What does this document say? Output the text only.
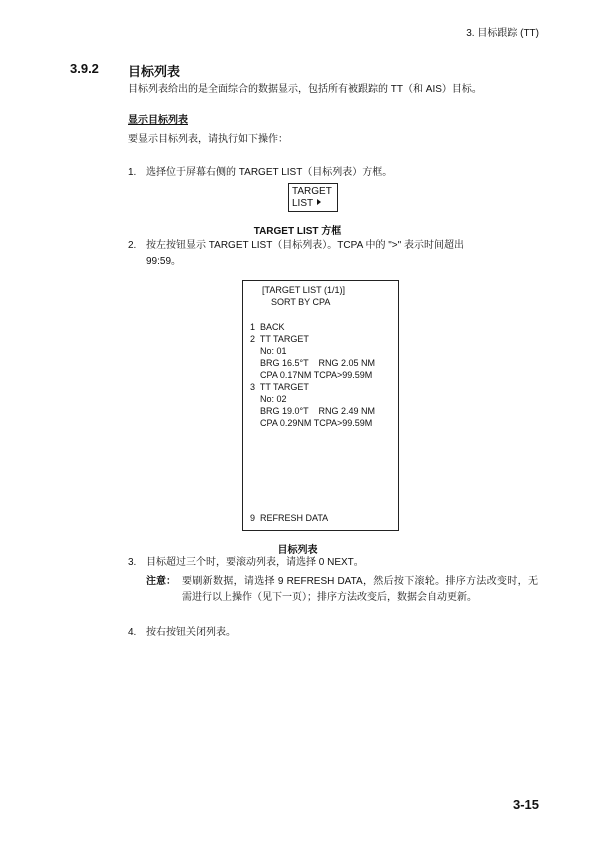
3. 目标跟踪 (TT)
3.9.2 目标列表
目标列表给出的是全面综合的数据显示，包括所有被跟踪的 TT（和 AIS）目标。
显示目标列表
要显示目标列表，请执行如下操作：
1. 选择位于屏幕右侧的 TARGET LIST（目标列表）方框。
TARGET
LIST
TARGET LIST 方框
2. 按左按钮显示 TARGET LIST（目标列表）。TCPA 中的 ">" 表示时间超出
99:59。
[TARGET LIST (1/1)]
SORT BY CPA
1  BACK
2  TT TARGET
No: 01
BRG 16.5°T    RNG 2.05 NM
CPA 0.17NM TCPA>99.59M
3  TT TARGET
No: 02
BRG 19.0°T    RNG 2.49 NM
CPA 0.29NM TCPA>99.59M
9  REFRESH DATA
目标列表
3. 目标超过三个时，要滚动列表，请选择 0 NEXT。
注意： 要刷新数据，请选择 9 REFRESH DATA，然后按下滚轮。排序方法改变时，无需进行以上操作（见下一页）；排序方法改变后，数据会自动更新。
4. 按右按钮关闭列表。
3-15
